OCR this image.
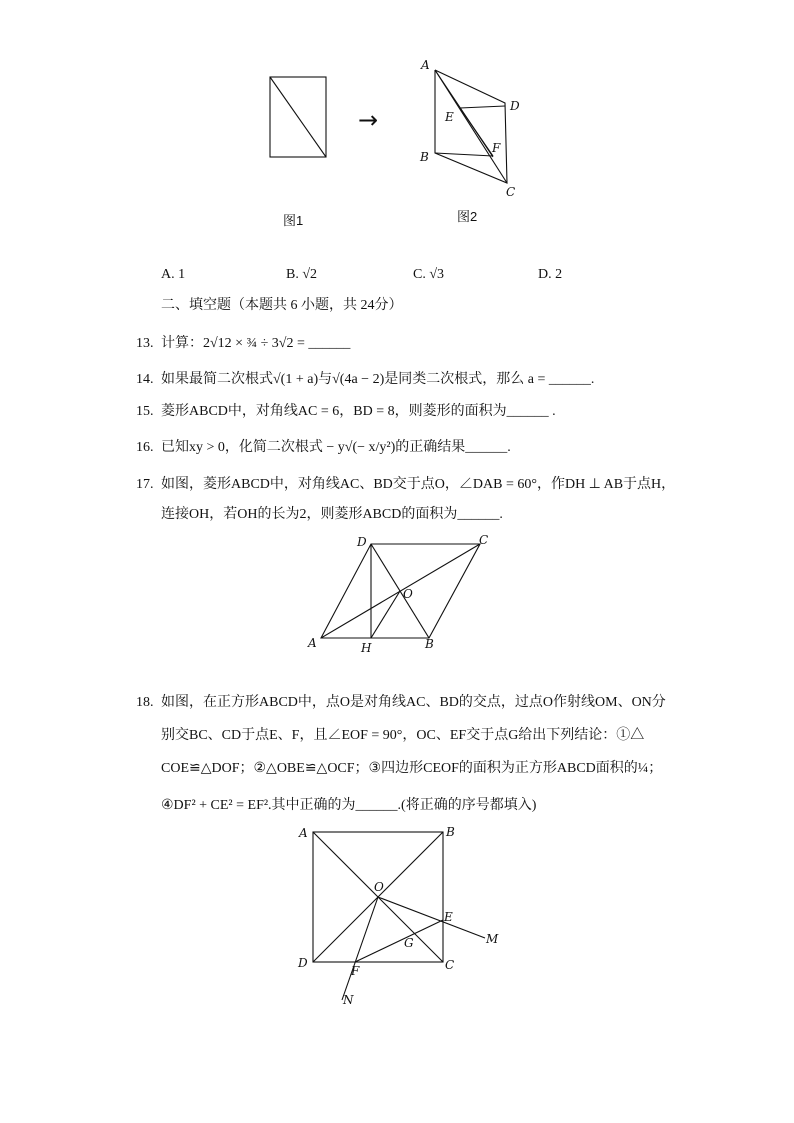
图1
→
A
D
E
B
F
C
图2
A. 1	B. √2	C. √3	D. 2
二、填空题（本题共 6 小题，共 24分）
13. 计算：2√12 × ¾ ÷ 3√2 = ______
14. 如果最简二次根式√(1 + a)与√(4a − 2)是同类二次根式，那么 a = ______.
15. 菱形ABCD中，对角线AC = 6，BD = 8，则菱形的面积为______ .
16. 已知xy > 0，化简二次根式 − y√(− x/y²)的正确结果______.
17. 如图，菱形ABCD中，对角线AC、BD交于点O，∠DAB = 60°，作DH ⊥ AB于点H，
连接OH，若OH的长为2，则菱形ABCD的面积为______.
D	C
O
A	H	B
18. 如图，在正方形ABCD中，点O是对角线AC、BD的交点，过点O作射线OM、ON分
别交BC、CD于点E、F，且∠EOF = 90°，OC、EF交于点G给出下列结论：①△
COE≌△DOF；②△OBE≌△OCF；③四边形CEOF的面积为正方形ABCD面积的¼；
④DF² + CE² = EF².其中正确的为______.(将正确的序号都填入)
A	B
O
E
M
G
D
F	C
N
